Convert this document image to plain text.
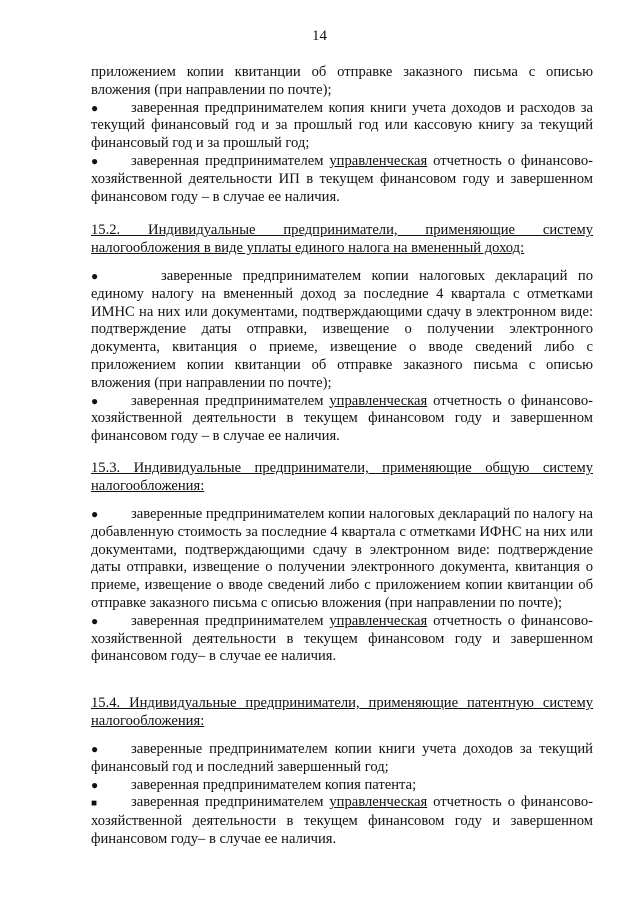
14

приложением копии квитанции об отправке заказного письма с описью вложения (при направлении по почте);

● заверенная предпринимателем копия книги учета доходов и расходов за текущий финансовый год и за прошлый год или кассовую книгу за текущий финансовый год и за прошлый год;

● заверенная предпринимателем управленческая отчетность о финансово-хозяйственной деятельности ИП в текущем финансовом году и завершенном финансовом году – в случае ее наличия.

15.2. Индивидуальные предприниматели, применяющие систему налогообложения в виде уплаты единого налога на вмененный доход:

●	заверенные предпринимателем копии налоговых деклараций по единому налогу на вмененный доход за последние 4 квартала с отметками ИМНС на них или документами, подтверждающими сдачу в электронном виде: подтверждение даты отправки, извещение о получении электронного документа, квитанция о приеме, извещение о вводе сведений либо с приложением копии квитанции об отправке заказного письма с описью вложения (при направлении по почте);

● заверенная предпринимателем управленческая отчетность о финансово-хозяйственной деятельности в текущем финансовом году и завершенном финансовом году – в случае ее наличия.

15.3. Индивидуальные предприниматели, применяющие общую систему налогообложения:

● заверенные предпринимателем копии налоговых деклараций по налогу на добавленную стоимость за последние 4 квартала с отметками ИФНС на них или документами, подтверждающими сдачу в электронном виде: подтверждение даты отправки, извещение о получении электронного документа, квитанция о приеме, извещение о вводе сведений либо с приложением копии квитанции об отправке заказного письма с описью вложения (при направлении по почте);

● заверенная предпринимателем управленческая отчетность о финансово-хозяйственной деятельности в текущем финансовом году и завершенном финансовом году– в случае ее наличия.

15.4. Индивидуальные предприниматели, применяющие патентную систему налогообложения:

● заверенные предпринимателем копии книги учета доходов за текущий финансовый год и последний завершенный год;

● заверенная предпринимателем копия патента;

■ заверенная предпринимателем управленческая отчетность о финансово-хозяйственной деятельности в текущем финансовом году и завершенном финансовом году– в случае ее наличия.
